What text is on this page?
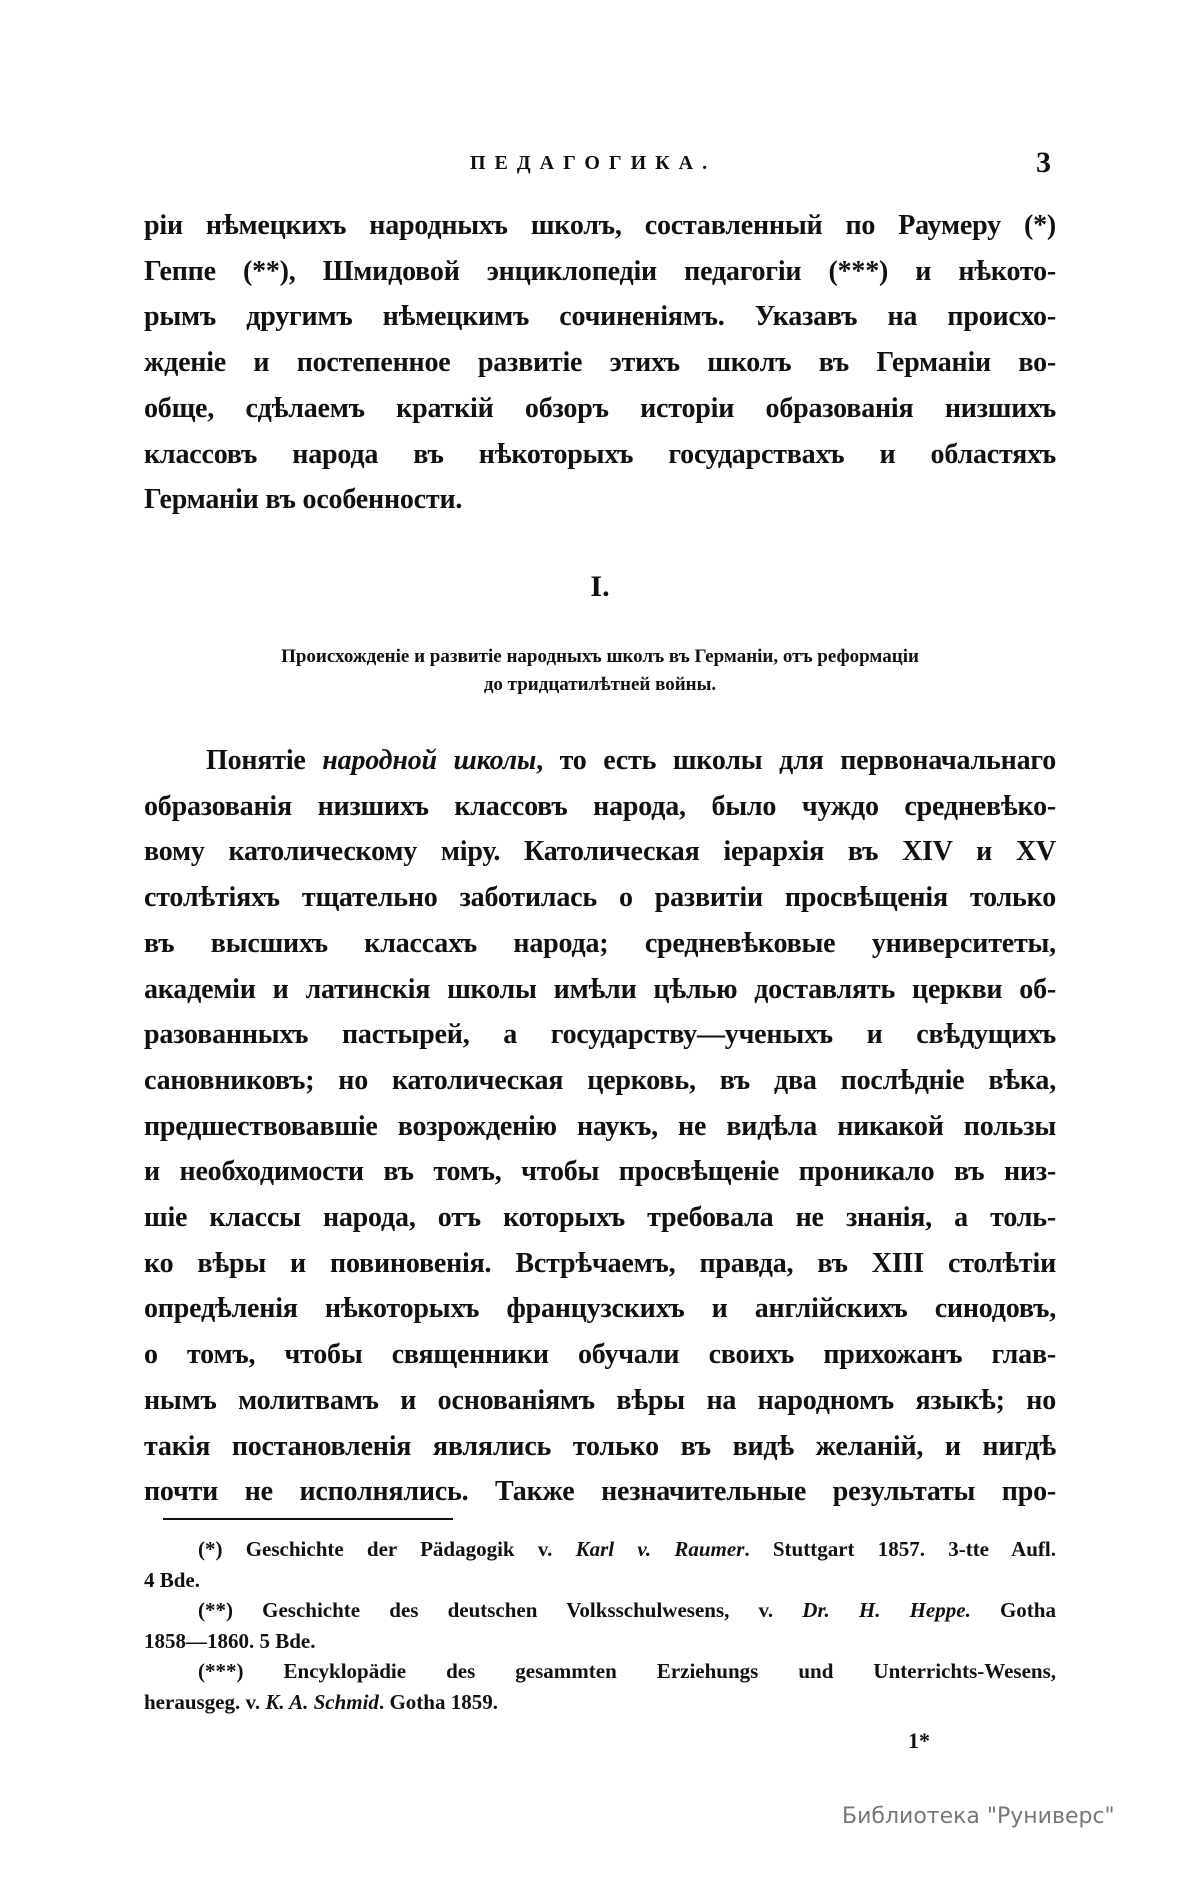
ПЕДАГОГИКА.	3
ріи нѣмецкихъ народныхъ школъ, составленный по Раумеру (*)
Геппе (**), Шмидовой энциклопедіи педагогіи (***) и нѣкото-
рымъ другимъ нѣмецкимъ сочиненіямъ. Указавъ на происхо-
жденіе и постепенное развитіе этихъ школъ въ Германіи во-
обще, сдѣлаемъ краткій обзоръ исторіи образованія низшихъ
классовъ народа въ нѣкоторыхъ государствахъ и областяхъ
Германіи въ особенности.
I.
Происхожденіе и развитіе народныхъ школъ въ Германіи, отъ реформаціи
до тридцатилѣтней войны.
Понятіе народной школы, то есть школы для первоначальнаго
образованія низшихъ классовъ народа, было чуждо средневѣко-
вому католическому міру. Католическая іерархія въ XIV и XV
столѣтіяхъ тщательно заботилась о развитіи просвѣщенія только
въ высшихъ классахъ народа; средневѣковые университеты,
академіи и латинскія школы имѣли цѣлью доставлять церкви об-
разованныхъ пастырей, а государству—ученыхъ и свѣдущихъ
сановниковъ; но католическая церковь, въ два послѣдніе вѣка,
предшествовавшіе возрожденію наукъ, не видѣла никакой пользы
и необходимости въ томъ, чтобы просвѣщеніе проникало въ низ-
шіе классы народа, отъ которыхъ требовала не знанія, а толь-
ко вѣры и повиновенія. Встрѣчаемъ, правда, въ XIII столѣтіи
опредѣленія нѣкоторыхъ французскихъ и англійскихъ синодовъ,
о томъ, чтобы священники обучали своихъ прихожанъ глав-
нымъ молитвамъ и основаніямъ вѣры на народномъ языкѣ; но
такія постановленія являлись только въ видѣ желаній, и нигдѣ
почти не исполнялись. Также незначительные результаты про-
(*) Geschichte der Pädagogik v. Karl v. Raumer. Stuttgart 1857. 3-tte Aufl.
4 Bde.
(**) Geschichte des deutschen Volksschulwesens, v. Dr. H. Heppe. Gotha
1858—1860. 5 Bde.
(***) Encyklopädie des gesammten Erziehungs und Unterrichts-Wesens,
herausgeg. v. K. A. Schmid. Gotha 1859.
1*
Библиотека "Руниверс"
